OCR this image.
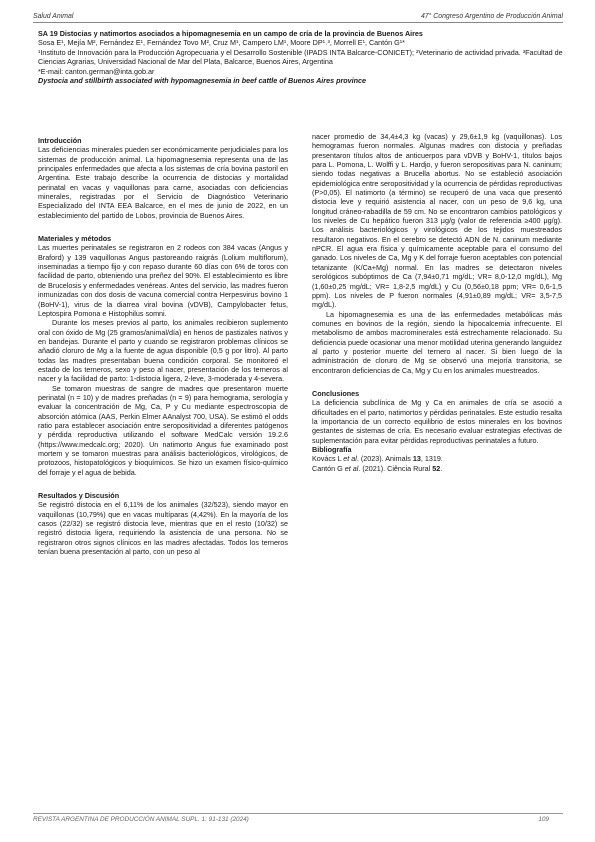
Salud Animal	47° Congreso Argentino de Producción Animal
SA 19 Distocias y natimortos asociados a hipomagnesemia en un campo de cría de la provincia de Buenos Aires
Sosa E¹, Mejía M², Fernández E¹, Fernández Tovo M², Cruz M¹, Campero LM¹, Moore DP¹˒³, Morrell E¹, Cantón G¹*
¹Instituto de Innovación para la Producción Agropecuaria y el Desarrollo Sostenible (IPADS INTA Balcarce-CONICET); ²Veterinario de actividad privada. ³Facultad de Ciencias Agrarias, Universidad Nacional de Mar del Plata, Balcarce, Buenos Aires, Argentina
*E-mail: canton.german@inta.gob.ar
Dystocia and stillbirth associated with hypomagnesemia in beef cattle of Buenos Aires province
Introducción
Las deficiencias minerales pueden ser económicamente perjudiciales para los sistemas de producción animal. La hipomagnesemia representa una de las principales enfermedades que afecta a los sistemas de cría bovina pastoril en Argentina. Este trabajo describe la ocurrencia de distocias y mortalidad perinatal en vacas y vaquillonas para carne, asociadas con deficiencias minerales, registradas por el Servicio de Diagnóstico Veterinario Especializado del INTA EEA Balcarce, en el mes de junio de 2022, en un establecimiento del partido de Lobos, provincia de Buenos Aires.
Materiales y métodos
Las muertes perinatales se registraron en 2 rodeos con 384 vacas (Angus y Braford) y 139 vaquillonas Angus pastoreando raigrás (Lolium multiflorum), inseminadas a tiempo fijo y con repaso durante 60 días con 6% de toros con facilidad de parto, obteniendo una preñez del 90%. El establecimiento es libre de Brucelosis y enfermedades venéreas. Antes del servicio, las madres fueron inmunizadas con dos dosis de vacuna comercial contra Herpesvirus bovino 1 (BoHV-1), virus de la diarrea viral bovina (vDVB), Campylobacter fetus, Leptospira Pomona e Histophilus somni.
Durante los meses previos al parto, los animales recibieron suplemento oral con óxido de Mg (25 gramos/animal/día) en henos de pastizales nativos y en bandejas. Durante el parto y cuando se registraron problemas clínicos se añadió cloruro de Mg a la fuente de agua disponible (0,5 g por litro). Al parto todas las madres presentaban buena condición corporal. Se monitoreó el estado de los terneros, sexo y peso al nacer, presentación de los terneros al nacer y la facilidad de parto: 1-distocia ligera, 2-leve, 3-moderada y 4-severa.
Se tomaron muestras de sangre de madres que presentaron muerte perinatal (n = 10) y de madres preñadas (n = 9) para hemograma, serología y evaluar la concentración de Mg, Ca, P y Cu mediante espectroscopia de absorción atómica (AAS, Perkin Elmer AAnalyst 700, USA). Se estimó el odds ratio para establecer asociación entre seropositividad a diferentes patógenos y pérdida reproductiva utilizando el software MedCalc versión 19.2.6 (https://www.medcalc.org; 2020). Un natimorto Angus fue examinado post mortem y se tomaron muestras para análisis bacteriológicos, virológicos, de protozoos, histopatológicos y bioquímicos. Se hizo un examen físico-químico del forraje y el agua de bebida.
Resultados y Discusión
Se registró distocia en el 6,11% de los animales (32/523), siendo mayor en vaquillonas (10,79%) que en vacas multíparas (4,42%). En la mayoría de los casos (22/32) se registró distocia leve, mientras que en el resto (10/32) se registró distocia ligera, requiriendo la asistencia de una persona. No se registraron otros signos clínicos en las madres afectadas. Todos los terneros tenían buena presentación al parto, con un peso al
nacer promedio de 34,4±4,3 kg (vacas) y 29,6±1,9 kg (vaquillonas). Los hemogramas fueron normales. Algunas madres con distocia y preñadas presentaron títulos altos de anticuerpos para vDVB y BoHV-1, títulos bajos para L. Pomona, L. Wolffi y L. Hardjo, y fueron seropositivas para N. caninum; siendo todas negativas a Brucella abortus. No se estableció asociación epidemiológica entre seropositividad y la ocurrencia de pérdidas reproductivas (P>0,05). El natimorto (a término) se recuperó de una vaca que presentó distocia leve y requirió asistencia al nacer, con un peso de 9,6 kg, una longitud cráneo-rabadilla de 59 cm. No se encontraron cambios patológicos y los niveles de Cu hepático fueron 313 μg/g (valor de referencia ≥400 μg/g). Los análisis bacteriológicos y virológicos de los tejidos muestreados resultaron negativos. En el cerebro se detectó ADN de N. caninum mediante nPCR. El agua era física y químicamente aceptable para el consumo del ganado. Los niveles de Ca, Mg y K del forraje fueron aceptables con potencial tetanizante (K/Ca+Mg) normal. En las madres se detectaron niveles serológicos subóptimos de Ca (7,94±0,71 mg/dL; VR= 8,0-12,0 mg/dL), Mg (1,60±0,25 mg/dL; VR= 1,8-2,5 mg/dL) y Cu (0,56±0,18 ppm; VR= 0,6-1,5 ppm). Los niveles de P fueron normales (4,91±0,89 mg/dL; VR= 3,5-7,5 mg/dL).
La hipomagnesemia es una de las enfermedades metabólicas más comunes en bovinos de la región, siendo la hipocalcemia infrecuente. El metabolismo de ambos macrominerales está estrechamente relacionado. Su deficiencia puede ocasionar una menor motilidad uterina generando languidez al parto y posterior muerte del ternero al nacer. Si bien luego de la administración de cloruro de Mg se observó una mejoría transitoria, se encontraron deficiencias de Ca, Mg y Cu en los animales muestreados.
Conclusiones
La deficiencia subclínica de Mg y Ca en animales de cría se asoció a dificultades en el parto, natimortos y pérdidas perinatales. Este estudio resalta la importancia de un correcto equilibrio de estos minerales en los bovinos gestantes de sistemas de cría. Es necesario evaluar estrategias efectivas de suplementación para evitar pérdidas reproductivas perinatales a futuro.
Bibliografía
Kovács L et al. (2023). Animals 13, 1319.
Cantón G et al. (2021). Ciência Rural 52.
REVISTA ARGENTINA DE PRODUCCIÓN ANIMAL SUPL. 1: 91-131 (2024)	109
